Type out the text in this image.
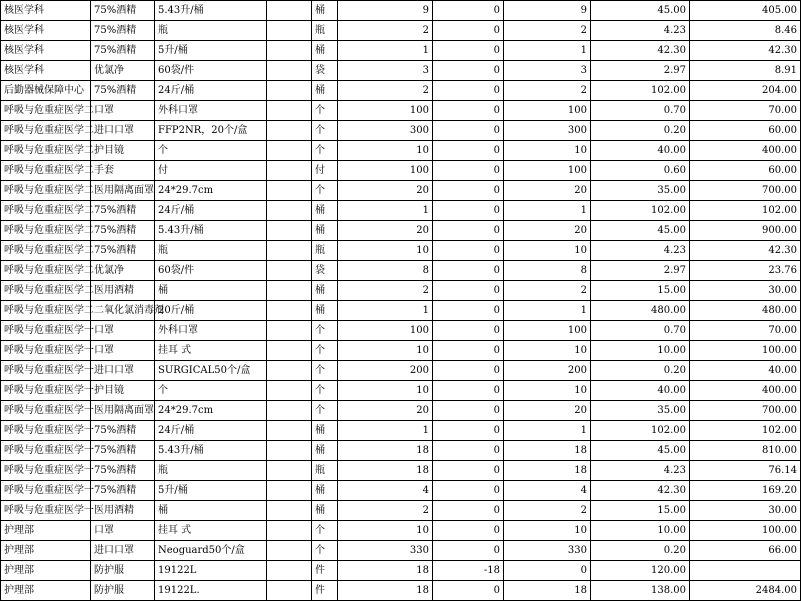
核医学科	75%酒精	5.43升/桶		桶	9	0	9	45.00	405.00
核医学科	75%酒精	瓶		瓶	2	0	2	4.23	8.46
核医学科	75%酒精	5升/桶		桶	1	0	1	42.30	42.30
核医学科	优氯净	60袋/件		袋	3	0	3	2.97	8.91
后勤器械保障中心	75%酒精	24斤/桶		桶	2	0	2	102.00	204.00
呼吸与危重症医学二	口罩	外科口罩		个	100	0	100	0.70	70.00
呼吸与危重症医学二	进口口罩	FFP2NR，20个/盒		个	300	0	300	0.20	60.00
呼吸与危重症医学二	护目镜	个		个	10	0	10	40.00	400.00
呼吸与危重症医学二	手套	付		付	100	0	100	0.60	60.00
呼吸与危重症医学二	医用隔离面罩	24*29.7cm		个	20	0	20	35.00	700.00
呼吸与危重症医学二	75%酒精	24斤/桶		桶	1	0	1	102.00	102.00
呼吸与危重症医学二	75%酒精	5.43升/桶		桶	20	0	20	45.00	900.00
呼吸与危重症医学二	75%酒精	瓶		瓶	10	0	10	4.23	42.30
呼吸与危重症医学二	优氯净	60袋/件		袋	8	0	8	2.97	23.76
呼吸与危重症医学二	医用酒精	桶		桶	2	0	2	15.00	30.00
呼吸与危重症医学二	二氧化氯消毒剂	20斤/桶		桶	1	0	1	480.00	480.00
呼吸与危重症医学一	口罩	外科口罩		个	100	0	100	0.70	70.00
呼吸与危重症医学一	口罩	挂耳 式		个	10	0	10	10.00	100.00
呼吸与危重症医学一	进口口罩	SURGICAL50个/盒		个	200	0	200	0.20	40.00
呼吸与危重症医学一	护目镜	个		个	10	0	10	40.00	400.00
呼吸与危重症医学一	医用隔离面罩	24*29.7cm		个	20	0	20	35.00	700.00
呼吸与危重症医学一	75%酒精	24斤/桶		桶	1	0	1	102.00	102.00
呼吸与危重症医学一	75%酒精	5.43升/桶		桶	18	0	18	45.00	810.00
呼吸与危重症医学一	75%酒精	瓶		瓶	18	0	18	4.23	76.14
呼吸与危重症医学一	75%酒精	5升/桶		桶	4	0	4	42.30	169.20
呼吸与危重症医学一	医用酒精	桶		桶	2	0	2	15.00	30.00
护理部	口罩	挂耳 式		个	10	0	10	10.00	100.00
护理部	进口口罩	Neoguard50个/盒		个	330	0	330	0.20	66.00
护理部	防护服	19122L		件	18	-18	0	120.00	
护理部	防护服	19122L.		件	18	0	18	138.00	2484.00
